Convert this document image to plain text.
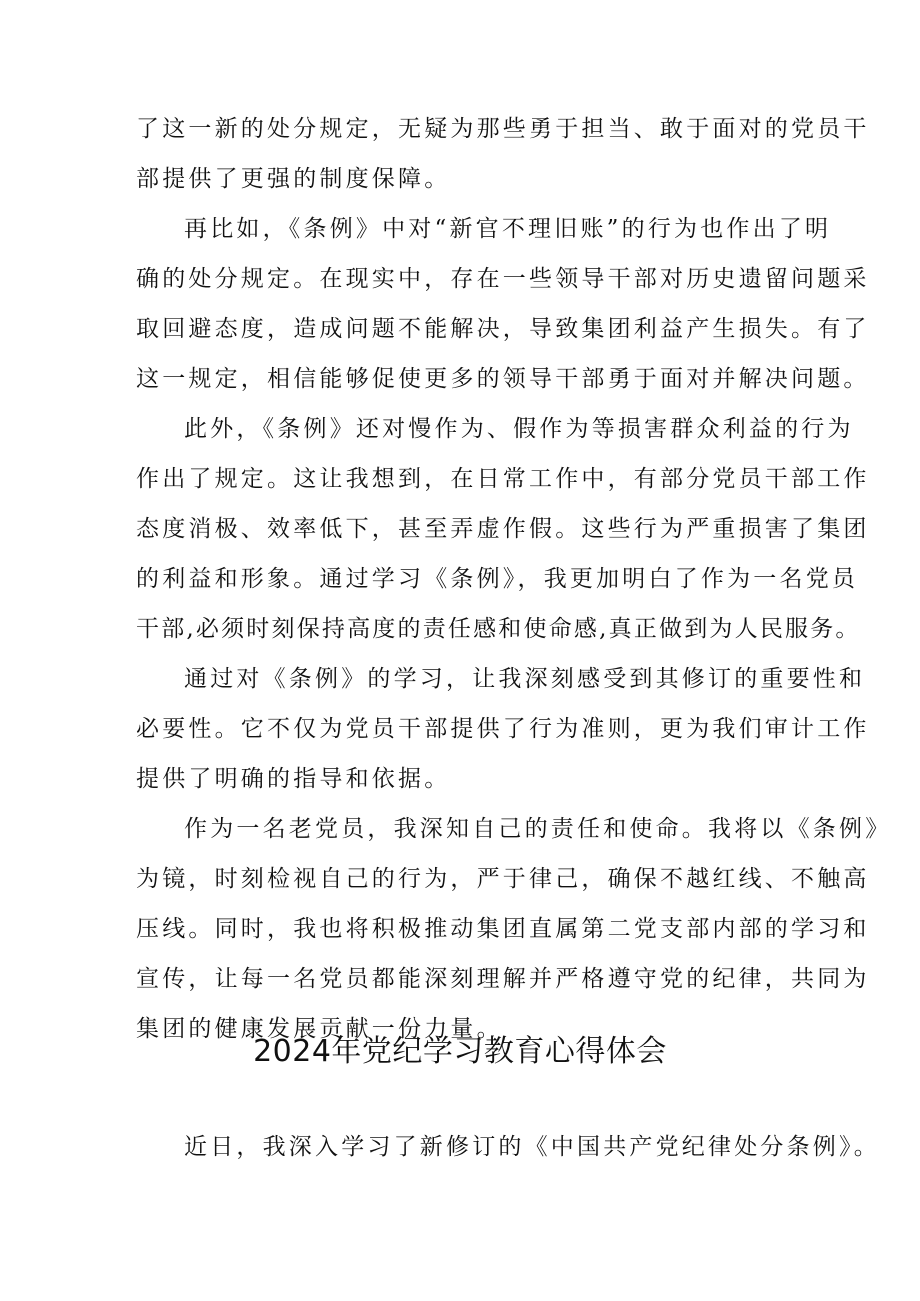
了这一新的处分规定，无疑为那些勇于担当、敢于面对的党员干
部提供了更强的制度保障。
再比如，《条例》中对“新官不理旧账”的行为也作出了明
确的处分规定。在现实中，存在一些领导干部对历史遗留问题采
取回避态度，造成问题不能解决，导致集团利益产生损失。有了
这一规定，相信能够促使更多的领导干部勇于面对并解决问题。
此外，《条例》还对慢作为、假作为等损害群众利益的行为
作出了规定。这让我想到，在日常工作中，有部分党员干部工作
态度消极、效率低下，甚至弄虚作假。这些行为严重损害了集团
的利益和形象。通过学习《条例》，我更加明白了作为一名党员
干部,必须时刻保持高度的责任感和使命感,真正做到为人民服务。
通过对《条例》的学习，让我深刻感受到其修订的重要性和
必要性。它不仅为党员干部提供了行为准则，更为我们审计工作
提供了明确的指导和依据。
作为一名老党员，我深知自己的责任和使命。我将以《条例》
为镜，时刻检视自己的行为，严于律己，确保不越红线、不触高
压线。同时，我也将积极推动集团直属第二党支部内部的学习和
宣传，让每一名党员都能深刻理解并严格遵守党的纪律，共同为
集团的健康发展贡献一份力量。
2024年党纪学习教育心得体会
近日，我深入学习了新修订的《中国共产党纪律处分条例》。
